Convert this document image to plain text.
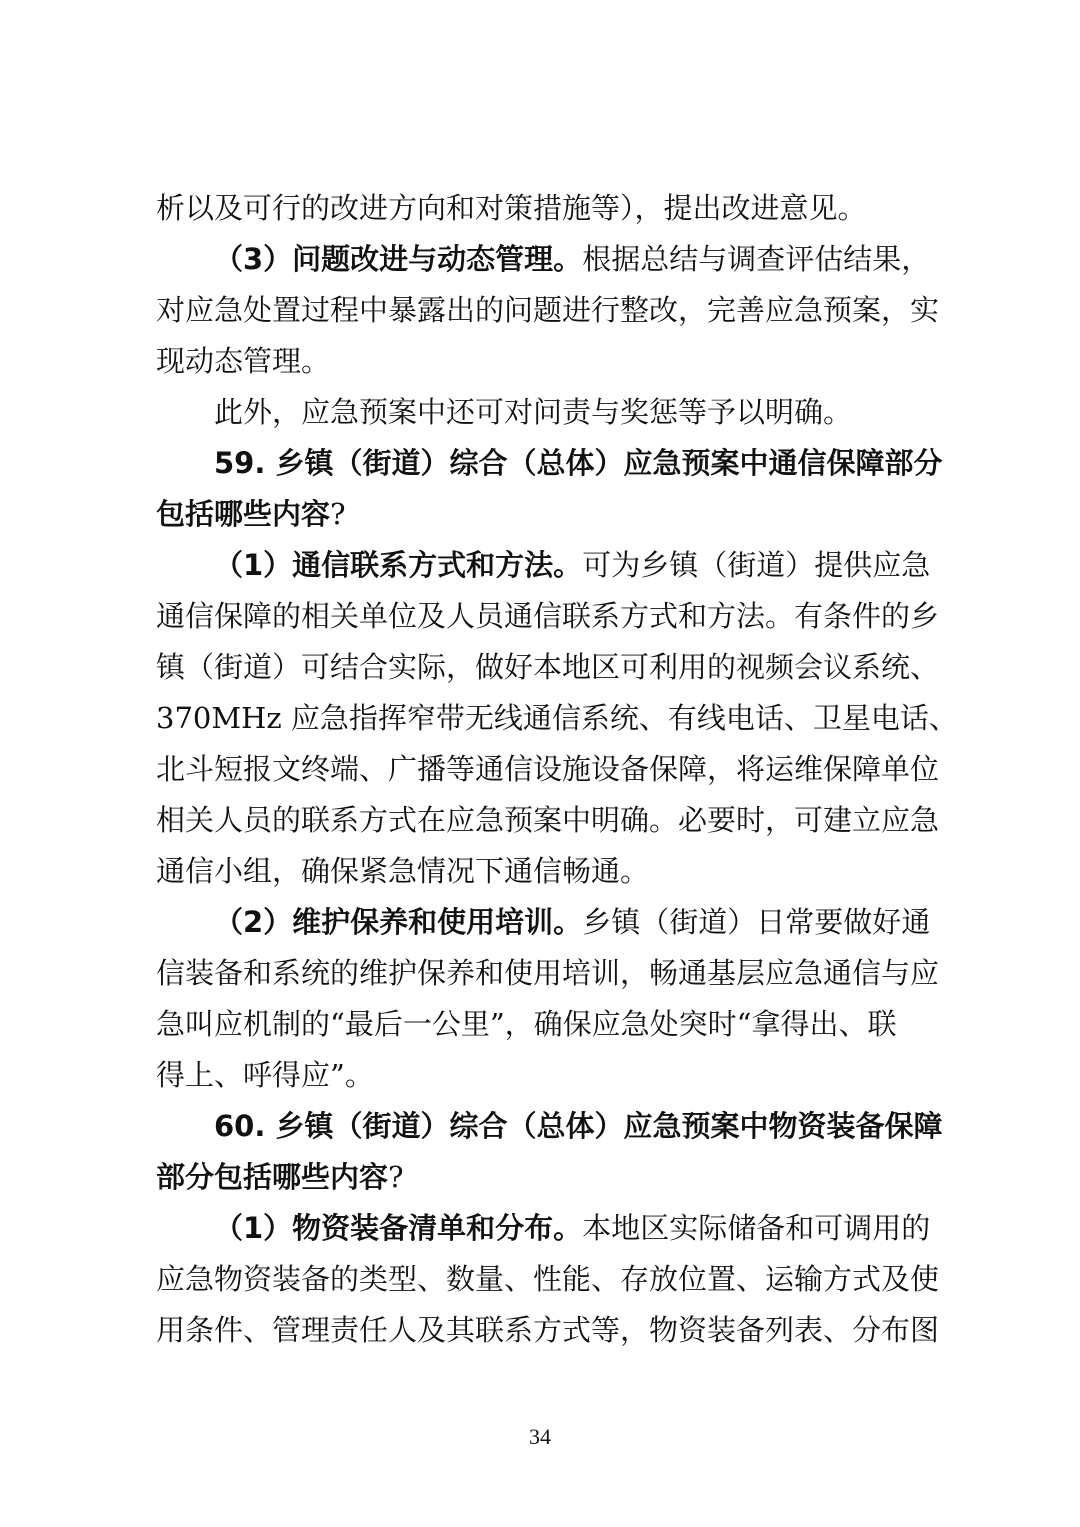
析以及可行的改进方向和对策措施等），提出改进意见。
（3）问题改进与动态管理。根据总结与调查评估结果，
对应急处置过程中暴露出的问题进行整改，完善应急预案，实
现动态管理。
此外，应急预案中还可对问责与奖惩等予以明确。
59. 乡镇（街道）综合（总体）应急预案中通信保障部分
包括哪些内容?
（1）通信联系方式和方法。可为乡镇（街道）提供应急
通信保障的相关单位及人员通信联系方式和方法。有条件的乡
镇（街道）可结合实际，做好本地区可利用的视频会议系统、
370MHz 应急指挥窄带无线通信系统、有线电话、卫星电话、
北斗短报文终端、广播等通信设施设备保障，将运维保障单位
相关人员的联系方式在应急预案中明确。必要时，可建立应急
通信小组，确保紧急情况下通信畅通。
（2）维护保养和使用培训。乡镇（街道）日常要做好通
信装备和系统的维护保养和使用培训，畅通基层应急通信与应
急叫应机制的“最后一公里”，确保应急处突时“拿得出、联
得上、呼得应”。
60. 乡镇（街道）综合（总体）应急预案中物资装备保障
部分包括哪些内容?
（1）物资装备清单和分布。本地区实际储备和可调用的
应急物资装备的类型、数量、性能、存放位置、运输方式及使
用条件、管理责任人及其联系方式等，物资装备列表、分布图
34
